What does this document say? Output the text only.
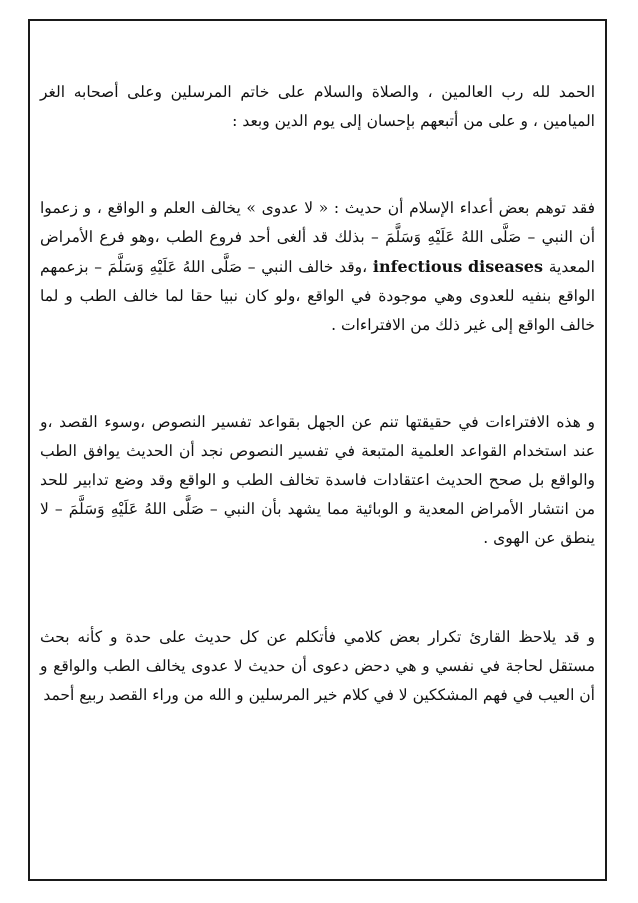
الحمد لله رب العالمين ، والصلاة والسلام على خاتم المرسلين وعلى أصحابه الغر الميامين ، و على من أتبعهم بإحسان إلى يوم الدين وبعد :

فقد توهم بعض أعداء الإسلام أن حديث : « لا عدوى » يخالف العلم و الواقع ، و زعموا أن النبي – صَلَّى اللهُ عَلَيْهِ وَسَلَّمَ – بذلك قد ألغى أحد فروع الطب ،وهو فرع الأمراض المعدية diseases infectious ،وقد خالف النبي – صَلَّى اللهُ عَلَيْهِ وَسَلَّمَ – بزعمهم الواقع بنفيه للعدوى وهي موجودة في الواقع ،ولو كان نبيا حقا لما خالف الطب و لما خالف الواقع إلى غير ذلك من الافتراءات .

و هذه الافتراءات في حقيقتها تنم عن الجهل بقواعد تفسير النصوص ،وسوء القصد ،و عند استخدام القواعد العلمية المتبعة في تفسير النصوص نجد أن الحديث يوافق الطب والواقع بل صحح الحديث اعتقادات فاسدة تخالف الطب و الواقع وقد وضع تدابير للحد من انتشار الأمراض المعدية و الوبائية مما يشهد بأن النبي – صَلَّى اللهُ عَلَيْهِ وَسَلَّمَ – لا ينطق عن الهوى .

و قد يلاحظ القارئ تكرار بعض كلامي فأتكلم عن كل حديث على حدة و كأنه بحث مستقل لحاجة في نفسي و هي دحض دعوى أن حديث لا عدوى يخالف الطب والواقع و أن العيب في فهم المشككين لا في كلام خير المرسلين و الله من وراء القصد ربيع أحمد
